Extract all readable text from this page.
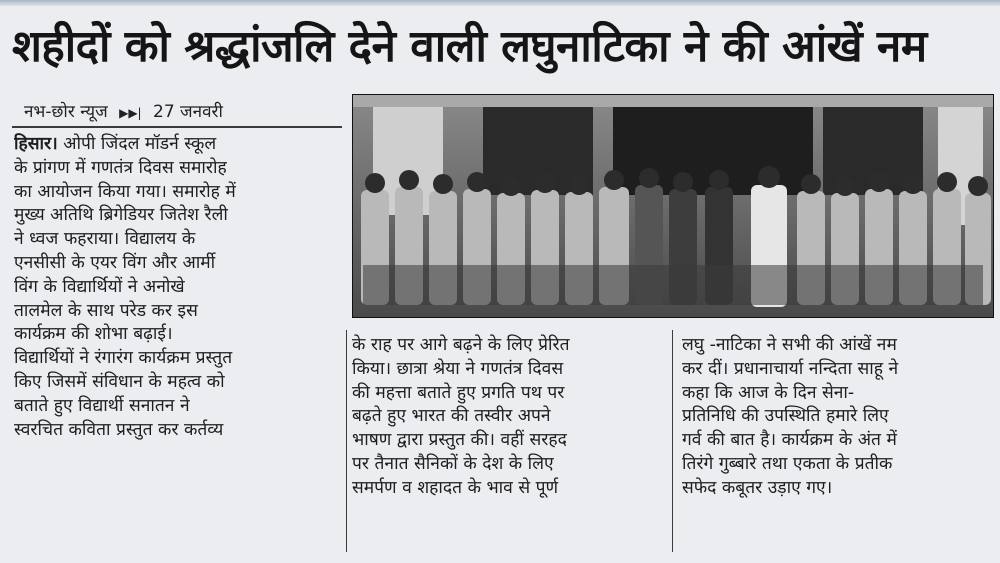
शहीदों को श्रद्धांजलि देने वाली लघुनाटिका ने की आंखें नम
नभ-छोर न्यूज ▶▶| 27 जनवरी
हिसार। ओपी जिंदल मॉडर्न स्कूल
के प्रांगण में गणतंत्र दिवस समारोह
का आयोजन किया गया। समारोह में
मुख्य अतिथि ब्रिगेडियर जितेश रैली
ने ध्वज फहराया। विद्यालय के
एनसीसी के एयर विंग और आर्मी
विंग के विद्यार्थियों ने अनोखे
तालमेल के साथ परेड कर इस
कार्यक्रम की शोभा बढ़ाई।
विद्यार्थियों ने रंगारंग कार्यक्रम प्रस्तुत
किए जिसमें संविधान के महत्व को
बताते हुए विद्यार्थी सनातन ने
स्वरचित कविता प्रस्तुत कर कर्तव्य
के राह पर आगे बढ़ने के लिए प्रेरित
किया। छात्रा श्रेया ने गणतंत्र दिवस
की महत्ता बताते हुए प्रगति पथ पर
बढ़ते हुए भारत की तस्वीर अपने
भाषण द्वारा प्रस्तुत की। वहीं सरहद
पर तैनात सैनिकों के देश के लिए
समर्पण व शहादत के भाव से पूर्ण
लघु -नाटिका ने सभी की आंखें नम
कर दीं। प्रधानाचार्या नन्दिता साहू ने
कहा कि आज के दिन सेना-
प्रतिनिधि की उपस्थिति हमारे लिए
गर्व की बात है। कार्यक्रम के अंत में
तिरंगे गुब्बारे तथा एकता के प्रतीक
सफेद कबूतर उड़ाए गए।
